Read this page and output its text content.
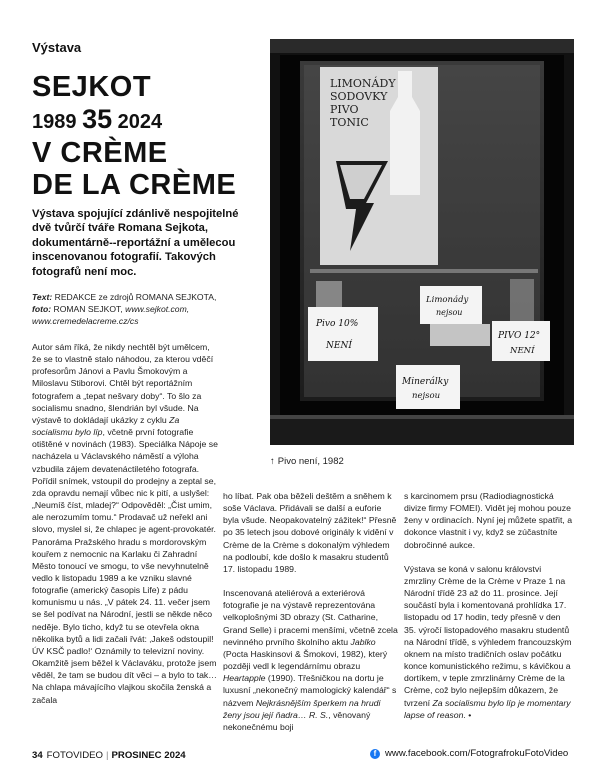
Výstava
SEJKOT
1989 35 2024
V CRÈME
DE LA CRÈME
Výstava spojující zdánlivě nespojitelné dvě tvůrčí tváře Romana Sejkota, dokumentárně--reportážní a umělecou inscenovanou fotografií. Takových fotografů není moc.
Text: REDAKCE ze zdrojů ROMANA SEJKOTA,
foto: ROMAN SEJKOT, www.sejkot.com,
www.cremedelacreme.cz/cs
LIMONÁDY
SODOVKY
PIVO
TONIC
Limonády
nejsou
Pivo 10%
NENÍ
PIVO 12°
NENÍ
Minerálky
nejsou
↑ Pivo není, 1982

Autor sám říká, že nikdy nechtěl být umělcem, že se to vlastně stalo náhodou, za kterou vděčí profesorům Jánovi a Pavlu Šmokovým a Miloslavu Stiborovi. Chtěl být reportážním fotografem a „tepat nešvary doby“. To šlo za socialismu snadno, šlendrián byl všude. Na výstavě to dokládají ukázky z cyklu Za socialismu bylo líp, včetně první fotografie otištěné v novinách (1983). Speciálka Nápoje se nacházela u Václavského náměstí a výloha vzbudila zájem devatenáctiletého fotografa. Pořídil snímek, vstoupil do prodejny a zeptal se, zda opravdu nemají vůbec nic k pití, a uslyšel: „Neumíš číst, mladej?“ Odpověděl: „Čist umim, ale nerozumím tomu.“ Prodavač už neřekl ani slovo, myslel si, že chlapec je agent-provokatér. Panoráma Pražského hradu s mordorovským kouřem z nemocnic na Karlaku či Zahradní Město tonoucí ve smogu, to vše nevyhnutelně vedlo k listopadu 1989 a ke vzniku slavné fotografie (americký časopis Life) z pádu komunismu u nás. „V pátek 24. 11. večer jsem se šel podívat na Národní, jestli se někde něco neděje. Bylo ticho, když tu se otevřela okna několika bytů a lidi začali řvát: ‚Jakeš odstoupil! ÚV KSČ padlo!‘ Oznámily to televizní noviny. Okamžitě jsem běžel k Václaváku, protože jsem věděl, že tam se budou dít věci – a bylo to tak… Na chlapa mávajícího vlajkou skočila ženská a začala

ho líbat. Pak oba běželi deštěm a sněhem k soše Václava. Přidávali se další a euforie byla všude. Neopakovatelný zážitek!“ Přesně po 35 letech jsou dobové originály k vidění v Crème de la Crème s dokonalým výhledem na podloubí, kde došlo k masakru studentů 17. listopadu 1989.

Inscenovaná ateliérová a exteriérová fotografie je na výstavě reprezentována velkoplošnými 3D obrazy (St. Catharine, Grand Selle) i pracemi menšími, včetně zcela nevinného prvního školního aktu Jablko (Pocta Haskinsovi & Šmokovi, 1982), který později vedl k legendárnímu obrazu Heartapple (1990). Třešničkou na dortu je luxusní „nekonečný mamologický kalendář“ s názvem Nejkrásnějším šperkem na hrudi ženy jsou její ňadra… R. S., věnovaný nekonečnému boji

s karcinomem prsu (Radiodiagnostická divize firmy FOMEI). Vidět jej mohou pouze ženy v ordinacích. Nyní jej můžete spatřit, a dokonce vlastnit i vy, když se zúčastníte dobročinné aukce.

Výstava se koná v salonu královstvi zmrzliny Crème de la Crème v Praze 1 na Národní třídě 23 až do 11. prosince. Její součástí byla i komentovaná prohlídka 17. listopadu od 17 hodin, tedy přesně v den 35. výročí listopadového masakru studentů na Národní třídě, s výhledem francouzským oknem na místo tradičních oslav počátku konce komunistického režimu, s kávičkou a dortíkem, v teple zmrzlinárny Crème de la Crème, což bylo nejlepším důkazem, že tvrzení Za socialismu bylo líp je momentary lapse of reason. •

34 FOTOVIDEO | PROSINEC 2024	f www.facebook.com/FotografrokuFotoVideo
